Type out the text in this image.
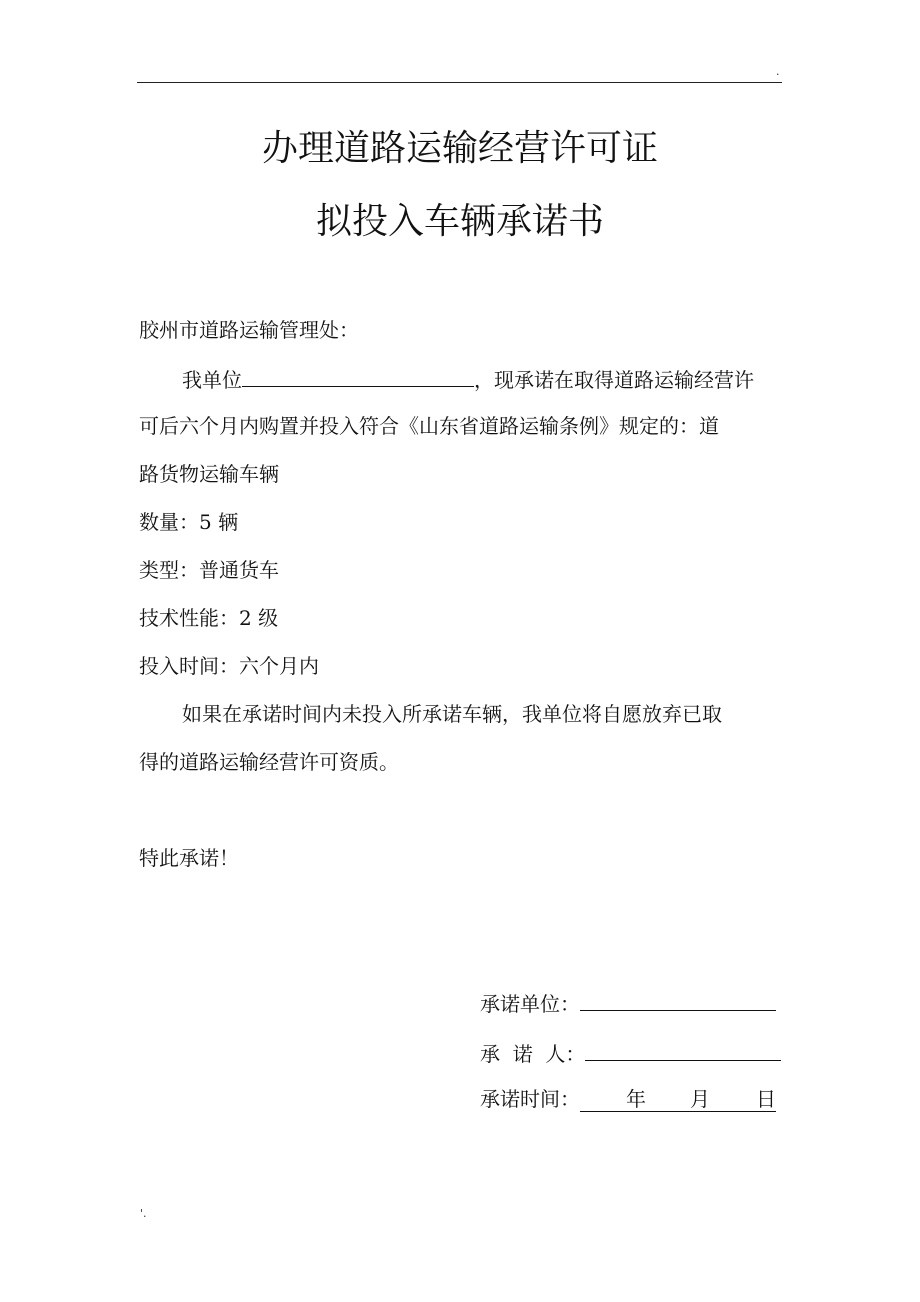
.
办理道路运输经营许可证
拟投入车辆承诺书
胶州市道路运输管理处：
我单位	，现承诺在取得道路运输经营许
可后六个月内购置并投入符合《山东省道路运输条例》规定的：道
路货物运输车辆
数量：5 辆
类型：普通货车
技术性能：2 级
投入时间：六个月内
如果在承诺时间内未投入所承诺车辆，我单位将自愿放弃已取
得的道路运输经营许可资质。
特此承诺！
承诺单位：
承  诺  人：
承诺时间： 年 月 日
'.
